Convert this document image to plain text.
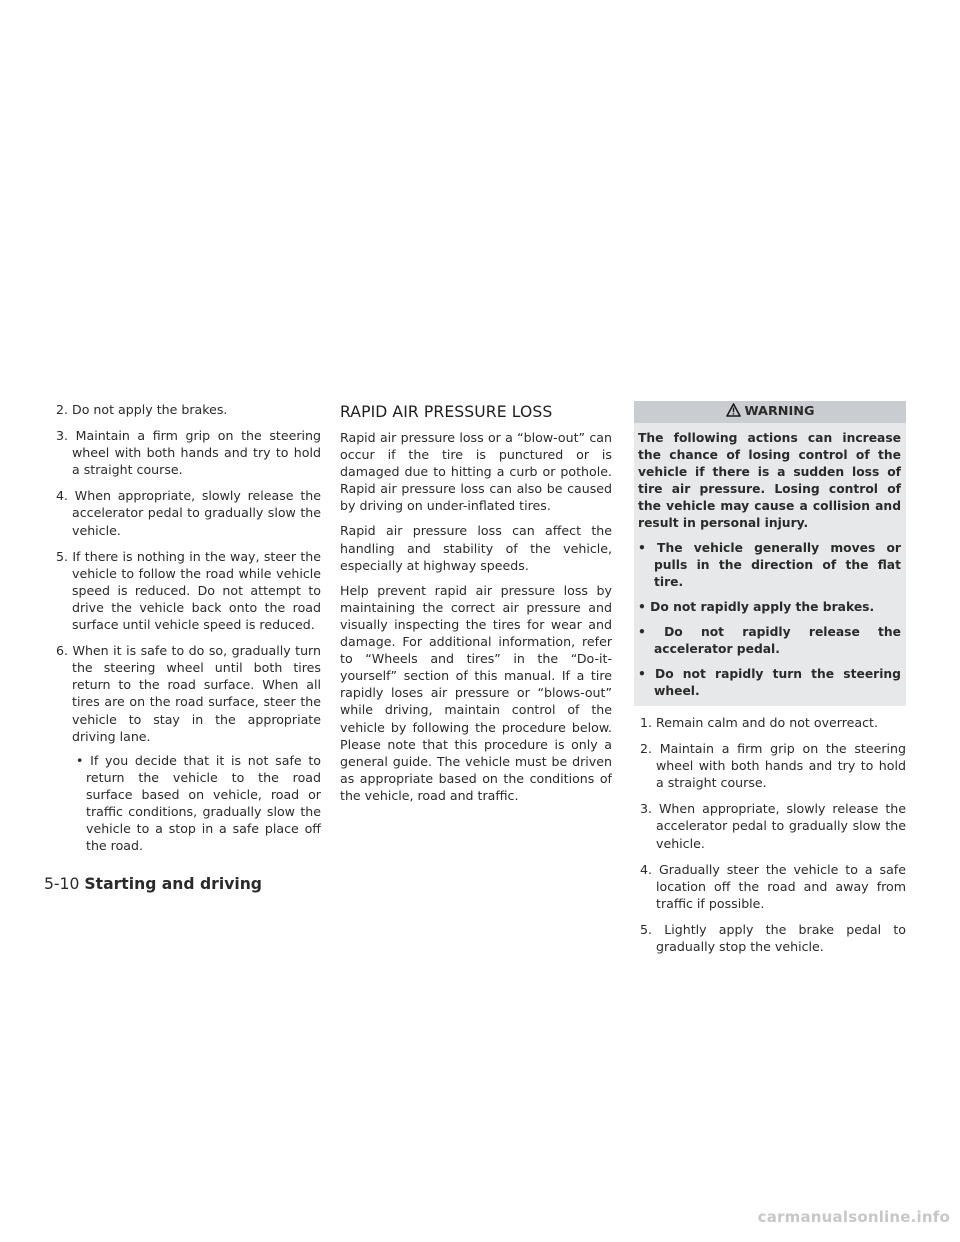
2. Do not apply the brakes.
3. Maintain a firm grip on the steering wheel with both hands and try to hold a straight course.
4. When appropriate, slowly release the accelerator pedal to gradually slow the vehicle.
5. If there is nothing in the way, steer the vehicle to follow the road while vehicle speed is reduced. Do not attempt to drive the vehicle back onto the road surface until vehicle speed is reduced.
6. When it is safe to do so, gradually turn the steering wheel until both tires return to the road surface. When all tires are on the road surface, steer the vehicle to stay in the appropriate driving lane.

• If you decide that it is not safe to return the vehicle to the road surface based on vehicle, road or traffic conditions, gradually slow the vehicle to a stop in a safe place off the road.

RAPID AIR PRESSURE LOSS

Rapid air pressure loss or a “blow-out” can occur if the tire is punctured or is damaged due to hitting a curb or pothole. Rapid air pressure loss can also be caused by driving on under-inflated tires.

Rapid air pressure loss can affect the handling and stability of the vehicle, especially at highway speeds.

Help prevent rapid air pressure loss by maintaining the correct air pressure and visually inspecting the tires for wear and damage. For additional information, refer to “Wheels and tires” in the “Do-it-yourself” section of this manual. If a tire rapidly loses air pressure or “blows-out” while driving, maintain control of the vehicle by following the procedure below. Please note that this procedure is only a general guide. The vehicle must be driven as appropriate based on the conditions of the vehicle, road and traffic.

WARNING

The following actions can increase the chance of losing control of the vehicle if there is a sudden loss of tire air pressure. Losing control of the vehicle may cause a collision and result in personal injury.

• The vehicle generally moves or pulls in the direction of the flat tire.
• Do not rapidly apply the brakes.
• Do not rapidly release the accelerator pedal.
• Do not rapidly turn the steering wheel.
1. Remain calm and do not overreact.
2. Maintain a firm grip on the steering wheel with both hands and try to hold a straight course.
3. When appropriate, slowly release the accelerator pedal to gradually slow the vehicle.
4. Gradually steer the vehicle to a safe location off the road and away from traffic if possible.
5. Lightly apply the brake pedal to gradually stop the vehicle.
5-10 Starting and driving
carmanualsonline.info
